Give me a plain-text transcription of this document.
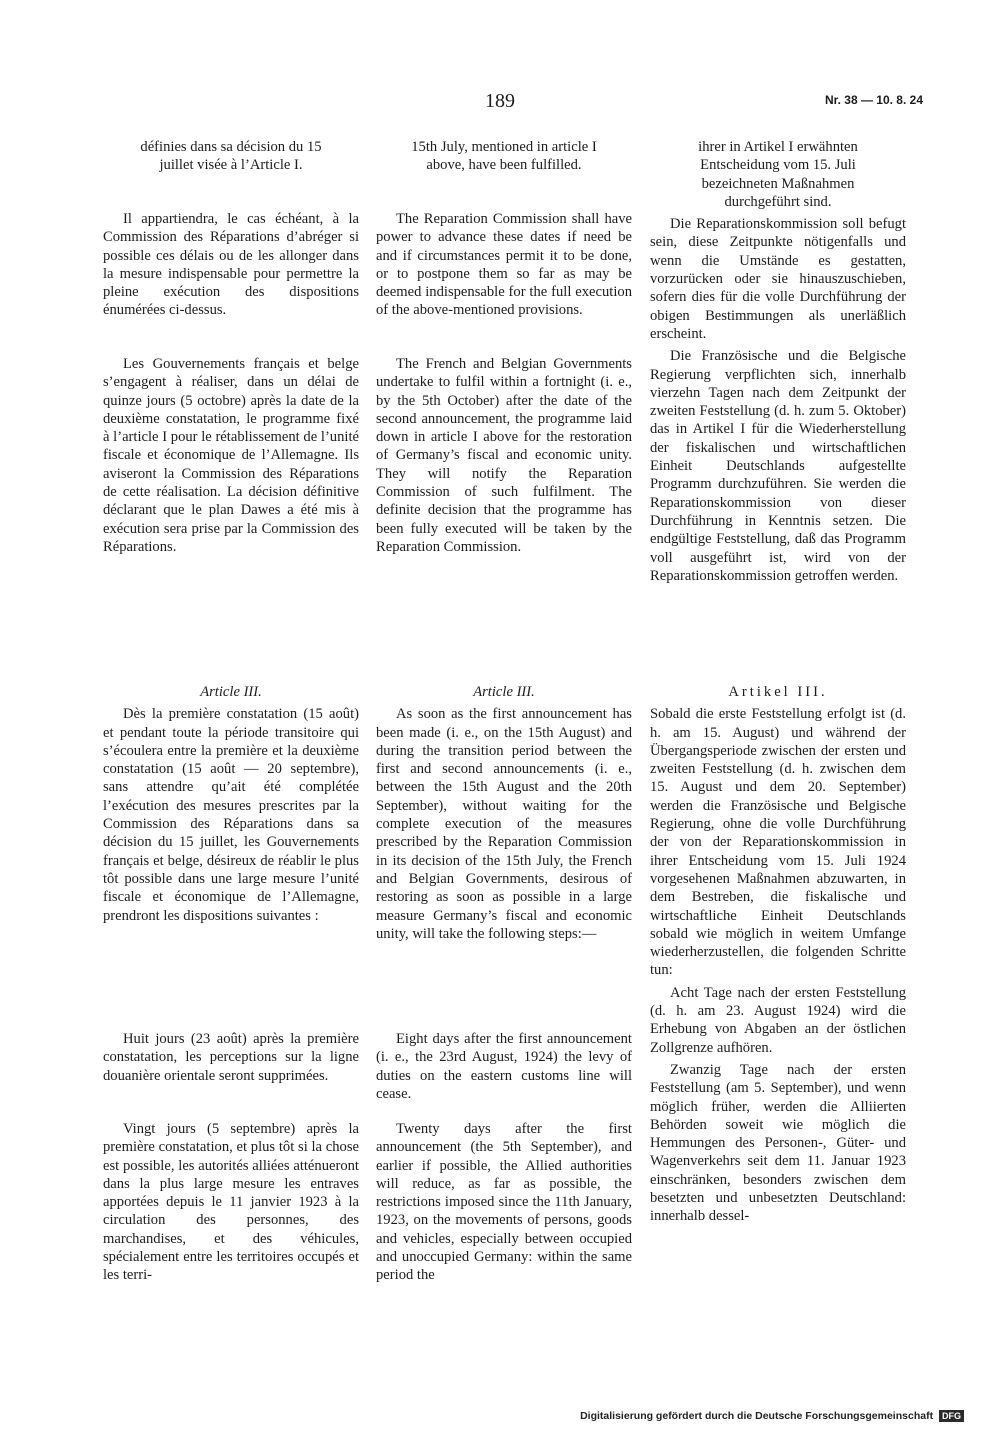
189	Nr. 38 — 10. 8. 24

définies dans sa décision du 15 juillet visée à l’Article I.

Il appartiendra, le cas échéant, à la Commission des Réparations d’abréger si possible ces délais ou de les allonger dans la mesure indispensable pour permettre la pleine exécution des dispositions énumérées ci-dessus.

Les Gouvernements français et belge s’engagent à réaliser, dans un délai de quinze jours (5 octobre) après la date de la deuxième constatation, le programme fixé à l’article I pour le rétablissement de l’unité fiscale et économique de l’Allemagne. Ils aviseront la Commission des Réparations de cette réalisation. La décision définitive déclarant que le plan Dawes a été mis à exécution sera prise par la Commission des Réparations.

Article III.

Dès la première constatation (15 août) et pendant toute la période transitoire qui s’écoulera entre la première et la deuxième constatation (15 août — 20 septembre), sans attendre qu’ait été complétée l’exécution des mesures prescrites par la Commission des Réparations dans sa décision du 15 juillet, les Gouvernements français et belge, désireux de réablir le plus tôt possible dans une large mesure l’unité fiscale et économique de l’Allemagne, prendront les dispositions suivantes :

Huit jours (23 août) après la première constatation, les perceptions sur la ligne douanière orientale seront supprimées.

Vingt jours (5 septembre) après la première constatation, et plus tôt si la chose est possible, les autorités alliées atténueront dans la plus large mesure les entraves apportées depuis le 11 janvier 1923 à la circulation des personnes, des marchandises, et des véhicules, spécialement entre les territoires occupés et les terri-

15th July, mentioned in article I above, have been fulfilled.

The Reparation Commission shall have power to advance these dates if need be and if circumstances permit it to be done, or to postpone them so far as may be deemed indispensable for the full execution of the above-mentioned provisions.

The French and Belgian Governments undertake to fulfil within a fortnight (i. e., by the 5th October) after the date of the second announcement, the programme laid down in article I above for the restoration of Germany’s fiscal and economic unity. They will notify the Reparation Commission of such fulfilment. The definite decision that the programme has been fully executed will be taken by the Reparation Commission.

Article III.

As soon as the first announcement has been made (i. e., on the 15th August) and during the transition period between the first and second announcements (i. e., between the 15th August and the 20th September), without waiting for the complete execution of the measures prescribed by the Reparation Commission in its decision of the 15th July, the French and Belgian Governments, desirous of restoring as soon as possible in a large measure Germany’s fiscal and economic unity, will take the following steps:—

Eight days after the first announcement (i. e., the 23rd August, 1924) the levy of duties on the eastern customs line will cease.

Twenty days after the first announcement (the 5th September), and earlier if possible, the Allied authorities will reduce, as far as possible, the restrictions imposed since the 11th January, 1923, on the movements of persons, goods and vehicles, especially between occupied and unoccupied Germany: within the same period the

ihrer in Artikel I erwähnten Entscheidung vom 15. Juli bezeichneten Maßnahmen durchgeführt sind.

Die Reparationskommission soll befugt sein, diese Zeitpunkte nötigenfalls und wenn die Umstände es gestatten, vorzurücken oder sie hinauszuschieben, sofern dies für die volle Durchführung der obigen Bestimmungen als unerläßlich erscheint.

Die Französische und die Belgische Regierung verpflichten sich, innerhalb vierzehn Tagen nach dem Zeitpunkt der zweiten Feststellung (d. h. zum 5. Oktober) das in Artikel I für die Wiederherstellung der fiskalischen und wirtschaftlichen Einheit Deutschlands aufgestellte Programm durchzuführen. Sie werden die Reparationskommission von dieser Durchführung in Kenntnis setzen. Die endgültige Feststellung, daß das Programm voll ausgeführt ist, wird von der Reparationskommission getroffen werden.

Artikel III.

Sobald die erste Feststellung erfolgt ist (d. h. am 15. August) und während der Übergangsperiode zwischen der ersten und zweiten Feststellung (d. h. zwischen dem 15. August und dem 20. September) werden die Französische und Belgische Regierung, ohne die volle Durchführung der von der Reparationskommission in ihrer Entscheidung vom 15. Juli 1924 vorgesehenen Maßnahmen abzuwarten, in dem Bestreben, die fiskalische und wirtschaftliche Einheit Deutschlands sobald wie möglich in weitem Umfange wiederherzustellen, die folgenden Schritte tun:

Acht Tage nach der ersten Feststellung (d. h. am 23. August 1924) wird die Erhebung von Abgaben an der östlichen Zollgrenze aufhören.

Zwanzig Tage nach der ersten Feststellung (am 5. September), und wenn möglich früher, werden die Alliierten Behörden soweit wie möglich die Hemmungen des Personen-, Güter- und Wagenverkehrs seit dem 11. Januar 1923 einschränken, besonders zwischen dem besetzten und unbesetzten Deutschland: innerhalb dessel-

Digitalisierung gefördert durch die Deutsche Forschungsgemeinschaft DFG
